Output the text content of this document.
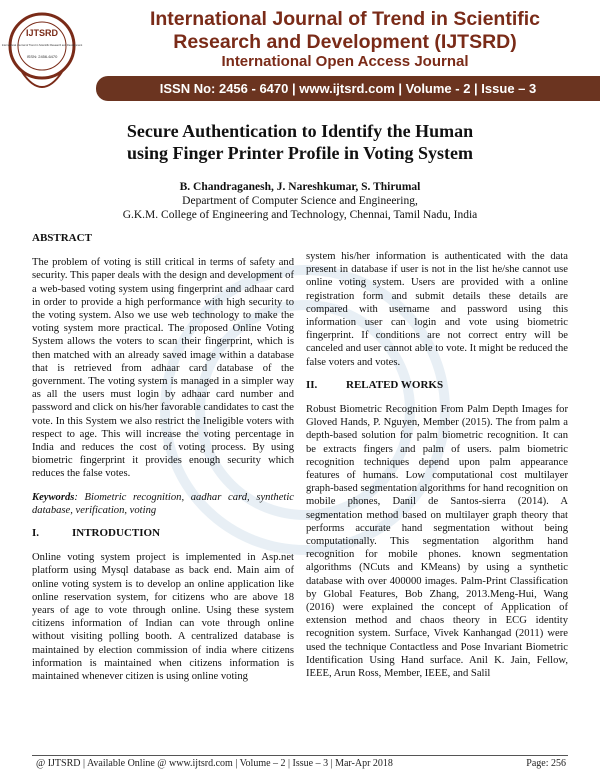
IJTSRD
International Journal of Trend in Scientific Research and Development
ISSN: 2456-6470
International Journal of Trend in Scientific
Research and Development (IJTSRD)
International Open Access Journal
ISSN No: 2456 - 6470 | www.ijtsrd.com | Volume - 2 | Issue – 3
Secure Authentication to Identify the Human
using Finger Printer Profile in Voting System
B. Chandraganesh, J. Nareshkumar, S. Thirumal
Department of Computer Science and Engineering,
G.K.M. College of Engineering and Technology, Chennai, Tamil Nadu, India
ABSTRACT
The problem of voting is still critical in terms of safety and security. This paper deals with the design and development of a web-based voting system using fingerprint and adhaar card in order to provide a high performance with high security to the voting system. Also we use web technology to make the voting system more practical. The proposed Online Voting System allows the voters to scan their fingerprint, which is then matched with an already saved image within a database that is retrieved from adhaar card database of the government. The voting system is managed in a simpler way as all the users must login by adhaar card number and password and click on his/her favorable candidates to cast the vote. In this System we also restrict the Ineligible voters with respect to age. This will increase the voting percentage in India and reduces the cost of voting process. By using biometric fingerprint it provides enough security which reduces the false votes.
Keywords: Biometric recognition, aadhar card, synthetic database, verification, voting
I.	INTRODUCTION
Online voting system project is implemented in Asp.net platform using Mysql database as back end. Main aim of online voting system is to develop an online application like online reservation system, for citizens who are above 18 years of age to vote through online. Using these system citizens information of Indian can vote through online without visiting polling booth. A centralized database is maintained by election commission of india where citizens information is maintained when citizens information is maintained whenever citizen is using online voting
system his/her information is authenticated with the data present in database if user is not in the list he/she cannot use online voting system. Users are provided with a online registration form and submit details these details are compared with username and password using this information user can login and vote using biometric fingerprint. If conditions are not correct entry will be canceled and user cannot able to vote. It might be reduced the false voters and votes.
II.	RELATED WORKS
Robust Biometric Recognition From Palm Depth Images for Gloved Hands, P. Nguyen, Member (2015). The from palm a depth-based solution for palm biometric recognition. It can be extracts fingers and palm of users. palm biometric recognition techniques depend upon palm appearance features of humans. Low computational cost multilayer graph-based segmentation algorithms for hand recognition on mobile phones, Danil de Santos-sierra (2014). A segmentation method based on multilayer graph theory that performs accurate hand segmentation without being computationally. This segmentation algorithm hand recognition for mobile phones. known segmentation algorithms (NCuts and KMeans) by using a synthetic database with over 400000 images. Palm-Print Classification by Global Features, Bob Zhang, 2013.Meng-Hui, Wang (2016) were explained the concept of Application of extension method and chaos theory in ECG identity recognition system. Surface, Vivek Kanhangad (2011) were used the technique Contactless and Pose Invariant Biometric Identification Using Hand surface. Anil K. Jain, Fellow, IEEE, Arun Ross, Member, IEEE, and Salil
@ IJTSRD | Available Online @ www.ijtsrd.com | Volume – 2 | Issue – 3 | Mar-Apr 2018	Page: 256
